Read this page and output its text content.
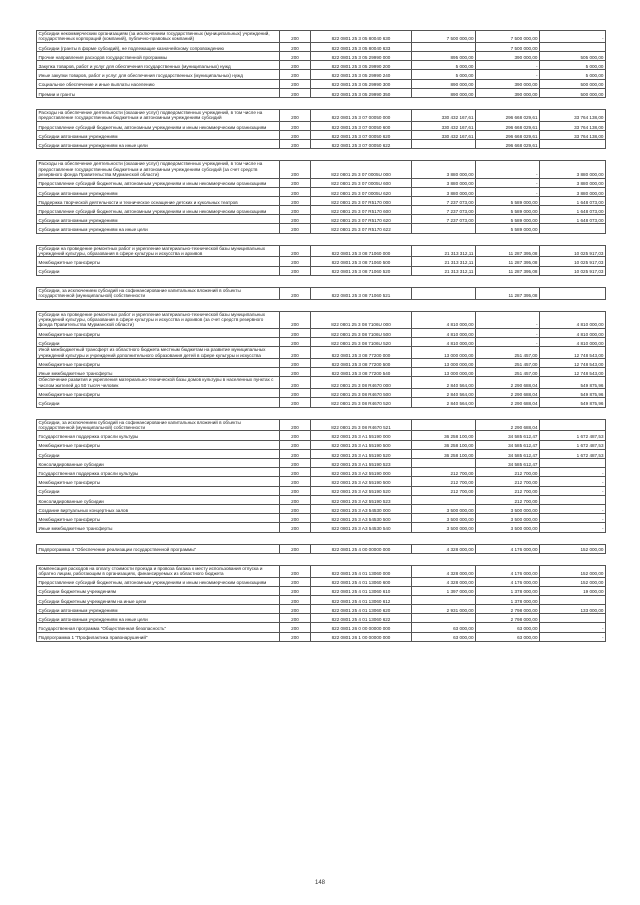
Субсидии некоммерческим организациям (за исключением государственных (муниципальных) учреждений, государственных корпораций (компаний), публично-правовых компаний)	200	822 0801 25 3 05 80040 630	7 500 000,00	7 500 000,00	-
Субсидии (гранты в форме субсидий), не подлежащие казначейскому сопровождению	200	822 0801 25 3 05 80040 633		7 500 000,00	
Прочие направления расходов государственной программы	200	822 0801 25 3 05 29990 000	895 000,00	390 000,00	505 000,00
Закупка товаров, работ и услуг для обеспечения государственных (муниципальных) нужд	200	822 0801 25 3 05 29990 200	5 000,00	-	5 000,00
Иные закупки товаров, работ и услуг для обеспечения государственных (муниципальных) нужд	200	822 0801 25 3 05 29990 240	5 000,00	-	5 000,00
Социальное обеспечение и иные выплаты населению	200	822 0801 25 3 05 29990 300	890 000,00	390 000,00	500 000,00
Премии и гранты	200	822 0801 25 3 05 29990 350	890 000,00	390 000,00	500 000,00

Расходы на обеспечение деятельности (оказание услуг) подведомственных учреждений, в том числе на предоставление государственным бюджетным и автономным учреждениям субсидий	200	822 0801 25 3 07 00050 000	330 432 167,61	296 668 029,61	33 764 138,00
Предоставление субсидий бюджетным, автономным учреждениям и иным некоммерческим организациям	200	822 0801 25 3 07 00050 600	330 432 167,61	296 668 029,61	33 764 138,00
Субсидии автономным учреждениям	200	822 0801 25 3 07 00050 620	330 432 167,61	296 668 029,61	33 764 138,00
Субсидии автономным учреждениям на иные цели	200	822 0801 25 3 07 00050 622		296 668 029,61	

Расходы на обеспечение деятельности (оказание услуг) подведомственных учреждений, в том числе на предоставление государственным бюджетным и автономным учреждениям субсидий (за счет средств резервного фонда Правительства Мурманской области)	200	822 0801 25 3 07 0005U 000	3 880 000,00	-	3 880 000,00
Предоставление субсидий бюджетным, автономным учреждениям и иным некоммерческим организациям	200	822 0801 25 3 07 0005U 600	3 880 000,00	-	3 880 000,00
Субсидии автономным учреждениям	200	822 0801 25 3 07 0005U 620	3 880 000,00	-	3 880 000,00
Поддержка творческой деятельности и техническое оснащение детских и кукольных театров	200	822 0801 25 3 07 R5170 000	7 237 073,00	5 589 000,00	1 648 073,00
Предоставление субсидий бюджетным, автономным учреждениям и иным некоммерческим организациям	200	822 0801 25 3 07 R5170 600	7 237 073,00	5 589 000,00	1 648 073,00
Субсидии автономным учреждениям	200	822 0801 25 3 07 R5170 620	7 237 073,00	5 589 000,00	1 648 073,00
Субсидии автономным учреждениям на иные цели	200	822 0801 25 3 07 R5170 622		5 589 000,00	

Субсидии на проведение ремонтных работ и укрепление материально-технической базы муниципальных учреждений культуры, образования в сфере культуры и искусства и архивов	200	822 0801 25 3 08 71060 000	21 313 312,11	11 287 395,08	10 025 917,03
Межбюджетные трансферты	200	822 0801 25 3 08 71060 500	21 313 312,11	11 287 395,08	10 025 917,03
Субсидии	200	822 0801 25 3 08 71060 520	21 313 312,11	11 287 395,08	10 025 917,03

Субсидии, за исключением субсидий на софинансирование капитальных вложений в объекты государственной (муниципальной) собственности	200	822 0801 25 3 08 71060 521		11 287 395,08	

Субсидии на проведение ремонтных работ и укрепление материально-технической базы муниципальных учреждений культуры, образования в сфере культуры и искусства и архивов (за счет средств резервного фонда Правительства Мурманской области)	200	822 0801 25 3 08 7106U 000	4 810 000,00	-	4 810 000,00
Межбюджетные трансферты	200	822 0801 25 3 08 7106U 500	4 810 000,00	-	4 810 000,00
Субсидии	200	822 0801 25 3 08 7106U 520	4 810 000,00	-	4 810 000,00
Иной межбюджетный трансферт из областного бюджета местным бюджетам на развитие муниципальных учреждений культуры и учреждений дополнительного образования детей в сфере культуры и искусства	200	822 0801 25 3 08 77200 000	13 000 000,00	251 457,00	12 748 543,00
Межбюджетные трансферты	200	822 0801 25 3 08 77200 500	13 000 000,00	251 457,00	12 748 543,00
Иные межбюджетные трансферты	200	822 0801 25 3 08 77200 540	13 000 000,00	251 457,00	12 748 543,00
Обеспечение развития и укрепления материально-технической базы домов культуры в населенных пунктах с числом жителей до 50 тысяч человек	200	822 0801 25 3 08 R4670 000	2 840 564,00	2 290 688,04	549 875,96
Межбюджетные трансферты	200	822 0801 25 3 08 R4670 500	2 840 564,00	2 290 688,04	549 875,96
Субсидии	200	822 0801 25 3 08 R4670 520	2 840 564,00	2 290 688,04	549 875,96

Субсидии, за исключением субсидий на софинансирование капитальных вложений в объекты государственной (муниципальной) собственности	200	822 0801 25 3 08 R4670 521		2 290 688,04	
Государственная поддержка отрасли культуры	200	822 0801 25 3 A1 55190 000	36 258 100,00	34 585 612,47	1 672 487,53
Межбюджетные трансферты	200	822 0801 25 3 A1 55190 500	36 258 100,00	34 585 612,47	1 672 487,53
Субсидии	200	822 0801 25 3 A1 55190 520	36 258 100,00	34 585 612,47	1 672 487,53
Консолидированные субсидии	200	822 0801 25 3 A1 55190 523		34 585 612,47	
Государственная поддержка отрасли культуры	200	822 0801 25 3 A2 55190 000	212 700,00	212 700,00	-
Межбюджетные трансферты	200	822 0801 25 3 A2 55190 500	212 700,00	212 700,00	-
Субсидии	200	822 0801 25 3 A2 55190 520	212 700,00	212 700,00	-
Консолидированные субсидии	200	822 0801 25 3 A2 55190 523		212 700,00	
Создание виртуальных концертных залов	200	822 0801 25 3 A3 54530 000	3 500 000,00	3 500 000,00	-
Межбюджетные трансферты	200	822 0801 25 3 A3 54530 500	3 500 000,00	3 500 000,00	-
Иные межбюджетные трансферты	200	822 0801 25 3 A3 54530 540	3 500 000,00	3 500 000,00	-

Подпрограмма 4 "Обеспечение реализации государственной программы"	200	822 0801 25 4 00 00000 000	4 328 000,00	4 176 000,00	152 000,00

Компенсация расходов на оплату стоимости проезда и провоза багажа к месту использования отпуска и обратно лицам, работающим в организациях, финансируемых из областного бюджета	200	822 0801 25 4 01 13060 000	4 328 000,00	4 176 000,00	152 000,00
Предоставление субсидий бюджетным, автономным учреждениям и иным некоммерческим организациям	200	822 0801 25 4 01 13060 600	4 328 000,00	4 176 000,00	152 000,00
Субсидии бюджетным учреждениям	200	822 0801 25 4 01 13060 610	1 397 000,00	1 378 000,00	19 000,00
Субсидии бюджетным учреждениям на иные цели	200	822 0801 25 4 01 13060 612		1 378 000,00	
Субсидии автономным учреждениям	200	822 0801 25 4 01 13060 620	2 931 000,00	2 798 000,00	133 000,00
Субсидии автономным учреждениям на иные цели	200	822 0801 25 4 01 13060 622		2 798 000,00	
Государственная программа "Общественная безопасность"	200	822 0801 26 0 00 00000 000	63 000,00	63 000,00	-
Подпрограмма 1 "Профилактика правонарушений"	200	822 0801 26 1 00 00000 000	63 000,00	63 000,00	-
148
